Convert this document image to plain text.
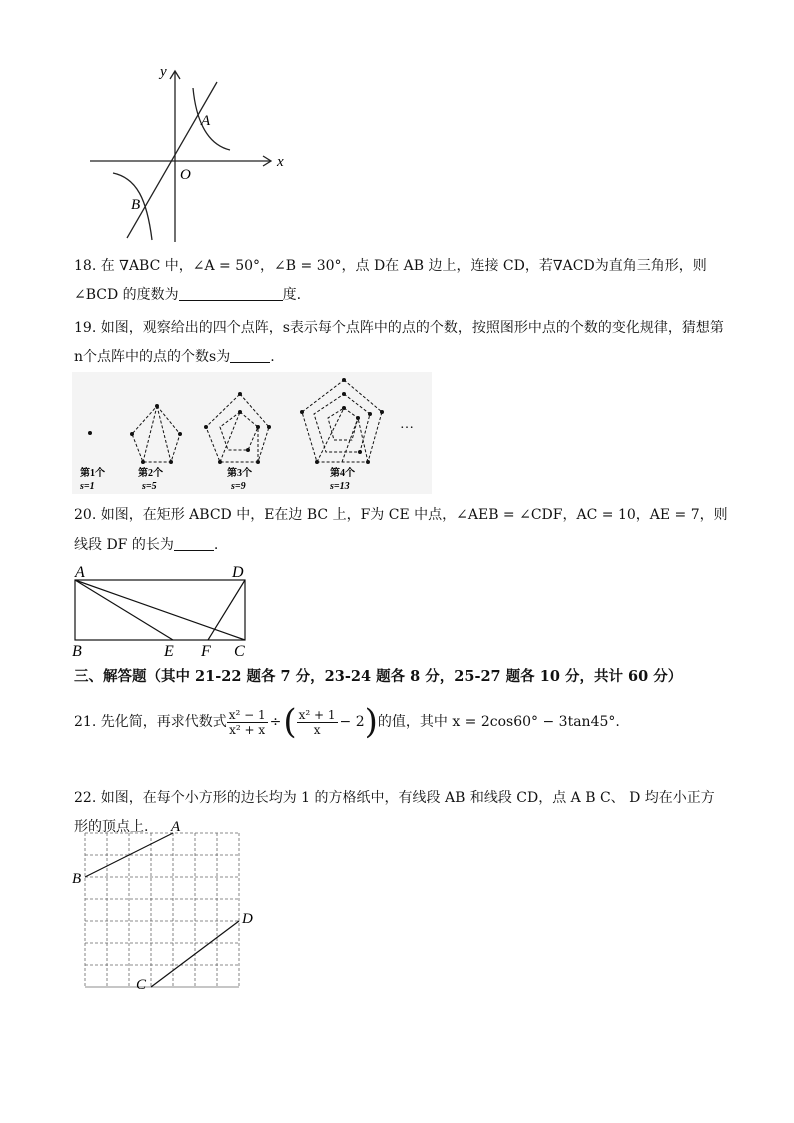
y
x
O
A
B
18. 在 ∇ABC 中，∠A = 50°，∠B = 30°，点 D在 AB 边上，连接 CD，若∇ACD为直角三角形，则
∠BCD 的度数为	度.
19. 如图，观察给出的四个点阵，s表示每个点阵中的点的个数，按照图形中点的个数的变化规律，猜想第
n个点阵中的点的个数s为	.
…
第1个
s=1
第2个
s=5
第3个
s=9
第4个
s=13
20. 如图，在矩形 ABCD 中，E在边 BC 上，F为 CE 中点，∠AEB = ∠CDF，AC = 10，AE = 7，则
线段 DF 的长为	.
A	D
B	E F C
三、解答题（其中 21-22 题各 7 分，23-24 题各 8 分，25-27 题各 10 分，共计 60 分）
21. 先化简，再求代数式 $\frac{\text{x² − 1}}{\text{x² + x}}$ ÷ ( $\frac{\text{x² + 1}}{x} - 2$ ) 的值，其中 x = 2cos60° − 3tan45°.
22. 如图，在每个小方形的边长均为 1 的方格纸中，有线段 AB 和线段 CD，点 A B C、 D 均在小正方
形的顶点上. A
B
C
D
